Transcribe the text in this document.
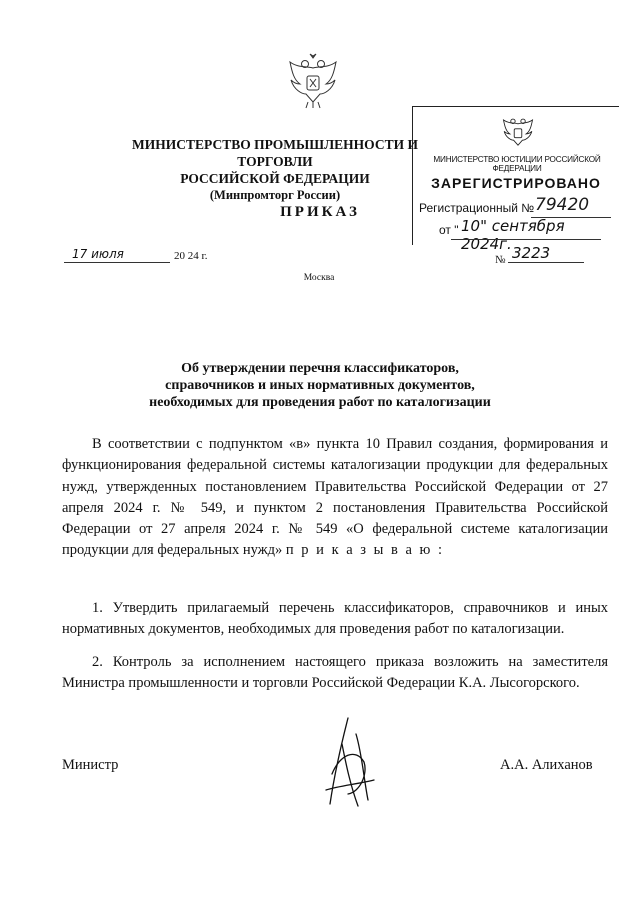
МИНИСТЕРСТВО ПРОМЫШЛЕННОСТИ И ТОРГОВЛИ
РОССИЙСКОЙ ФЕДЕРАЦИИ
(Минпромторг России)
ПРИКАЗ
МИНИСТЕРСТВО ЮСТИЦИИ РОССИЙСКОЙ ФЕДЕРАЦИИ
ЗАРЕГИСТРИРОВАНО
Регистрационный № 79420
от " 10" сентября 2024г.
17 июля	20 24 г.	№ 3223
Москва
Об утверждении перечня классификаторов,
справочников и иных нормативных документов,
необходимых для проведения работ по каталогизации
В соответствии с подпунктом «в» пункта 10 Правил создания, формирования и функционирования федеральной системы каталогизации продукции для федеральных нужд, утвержденных постановлением Правительства Российской Федерации от 27 апреля 2024 г. № 549, и пунктом 2 постановления Правительства Российской Федерации от 27 апреля 2024 г. № 549 «О федеральной системе каталогизации продукции для федеральных нужд» п р и к а з ы в а ю :
1. Утвердить прилагаемый перечень классификаторов, справочников и иных нормативных документов, необходимых для проведения работ по каталогизации.
2. Контроль за исполнением настоящего приказа возложить на заместителя Министра промышленности и торговли Российской Федерации К.А. Лысогорского.
Министр	А.А. Алиханов
